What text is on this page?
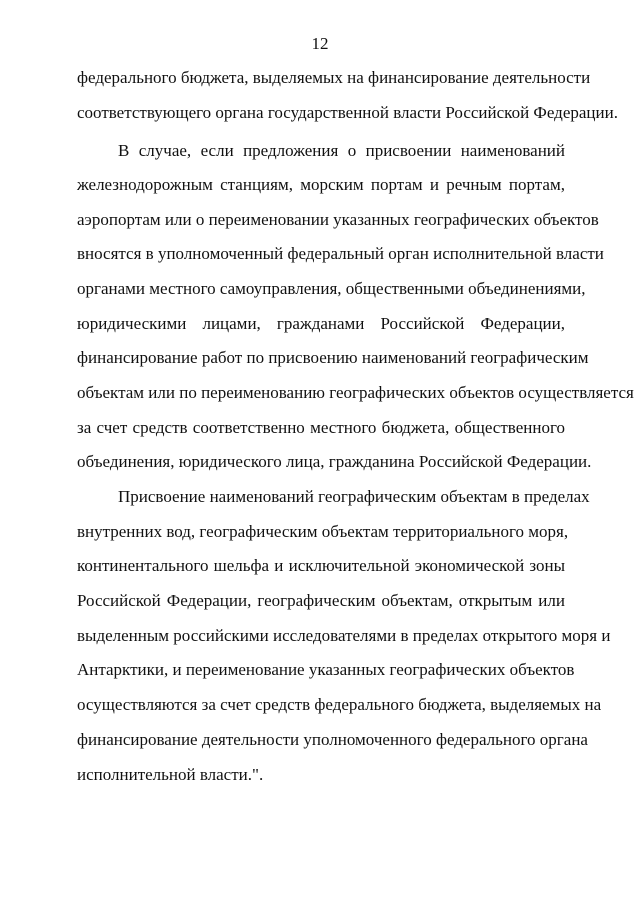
12
федерального бюджета, выделяемых на финансирование деятельности
соответствующего органа государственной власти Российской Федерации.
В случае, если предложения о присвоении наименований
железнодорожным станциям, морским портам и речным портам,
аэропортам или о переименовании указанных географических объектов
вносятся в уполномоченный федеральный орган исполнительной власти
органами местного самоуправления, общественными объединениями,
юридическими лицами, гражданами Российской Федерации,
финансирование работ по присвоению наименований географическим
объектам или по переименованию географических объектов осуществляется
за счет средств соответственно местного бюджета, общественного
объединения, юридического лица, гражданина Российской Федерации.
Присвоение наименований географическим объектам в пределах
внутренних вод, географическим объектам территориального моря,
континентального шельфа и исключительной экономической зоны
Российской Федерации, географическим объектам, открытым или
выделенным российскими исследователями в пределах открытого моря и
Антарктики, и переименование указанных географических объектов
осуществляются за счет средств федерального бюджета, выделяемых на
финансирование деятельности уполномоченного федерального органа
исполнительной власти.".
